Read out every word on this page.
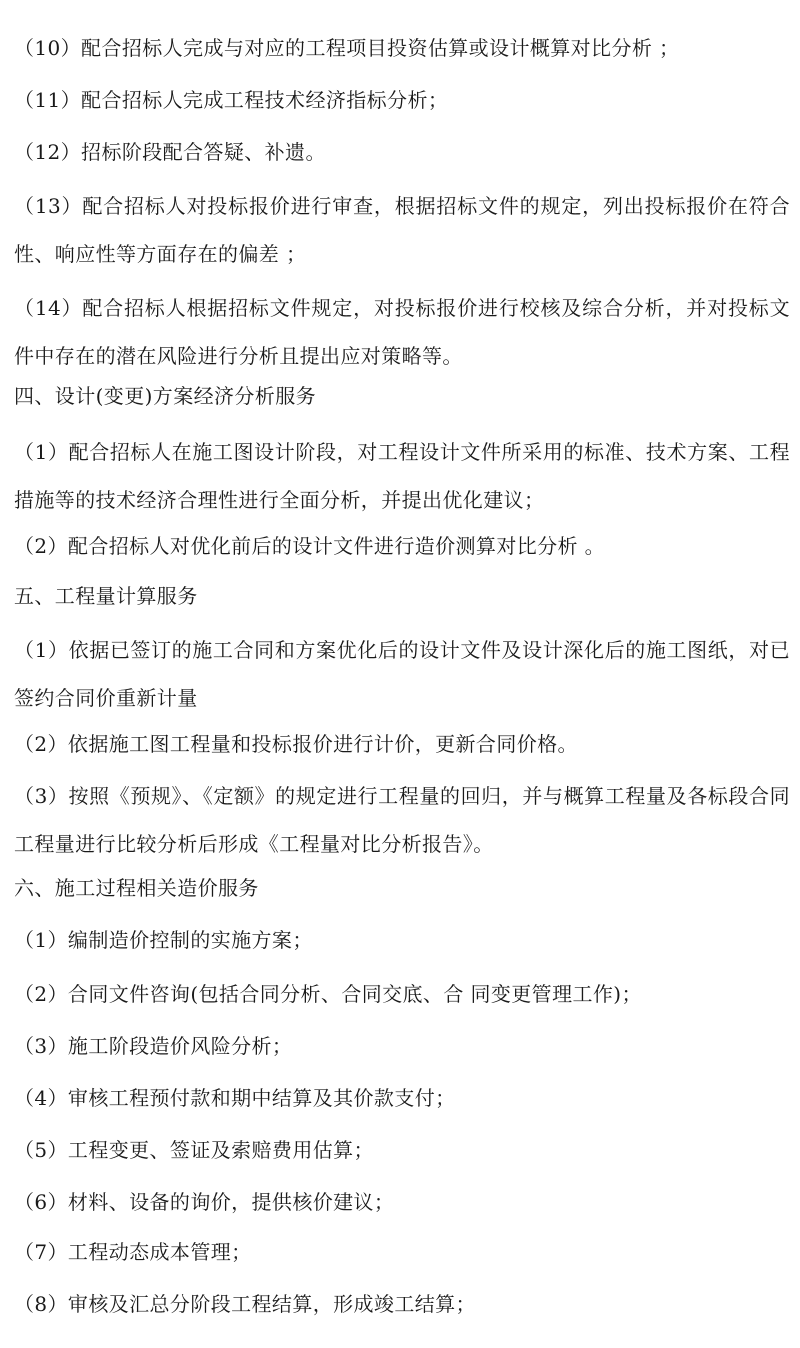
（10）配合招标人完成与对应的工程项目投资估算或设计概算对比分析 ；

（11）配合招标人完成工程技术经济指标分析；

（12）招标阶段配合答疑、补遗。

（13）配合招标人对投标报价进行审查，根据招标文件的规定，列出投标报价在符合性、响应性等方面存在的偏差 ；

（14）配合招标人根据招标文件规定，对投标报价进行校核及综合分析，并对投标文件中存在的潜在风险进行分析且提出应对策略等。

四、设计(变更)方案经济分析服务

（1）配合招标人在施工图设计阶段，对工程设计文件所采用的标准、技术方案、工程措施等的技术经济合理性进行全面分析，并提出优化建议；

（2）配合招标人对优化前后的设计文件进行造价测算对比分析 。

五、工程量计算服务

（1）依据已签订的施工合同和方案优化后的设计文件及设计深化后的施工图纸，对已签约合同价重新计量

（2）依据施工图工程量和投标报价进行计价，更新合同价格。

（3）按照《预规》、《定额》的规定进行工程量的回归，并与概算工程量及各标段合同工程量进行比较分析后形成《工程量对比分析报告》。

六、施工过程相关造价服务

（1）编制造价控制的实施方案；

（2）合同文件咨询(包括合同分析、合同交底、合 同变更管理工作)；

（3）施工阶段造价风险分析；

（4）审核工程预付款和期中结算及其价款支付；

（5）工程变更、签证及索赔费用估算；

（6）材料、设备的询价，提供核价建议；

（7）工程动态成本管理；

（8）审核及汇总分阶段工程结算，形成竣工结算；
